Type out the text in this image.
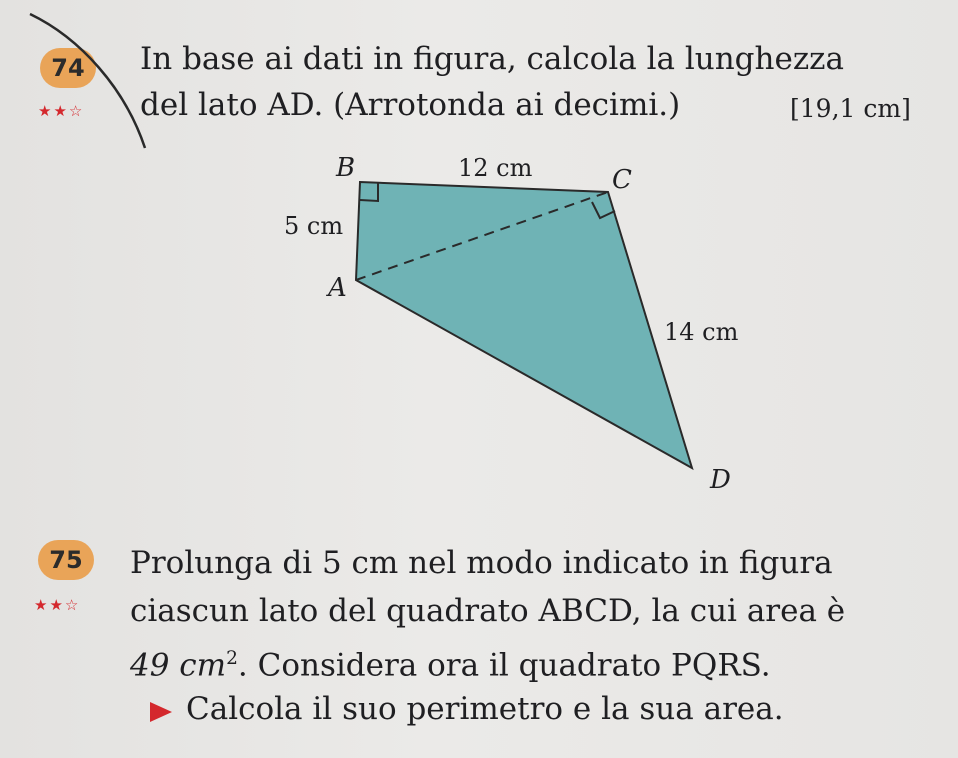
74
★★☆
In base ai dati in figura, calcola la lunghezza
del lato AD. (Arrotonda ai decimi.)	[19,1 cm]
B	C
A
D
12 cm
5 cm
14 cm
75
★★☆
Prolunga di 5 cm nel modo indicato in figura
ciascun lato del quadrato ABCD, la cui area è
49 $cm^2$. Considera ora il quadrato PQRS.
Calcola il suo perimetro e la sua area.
